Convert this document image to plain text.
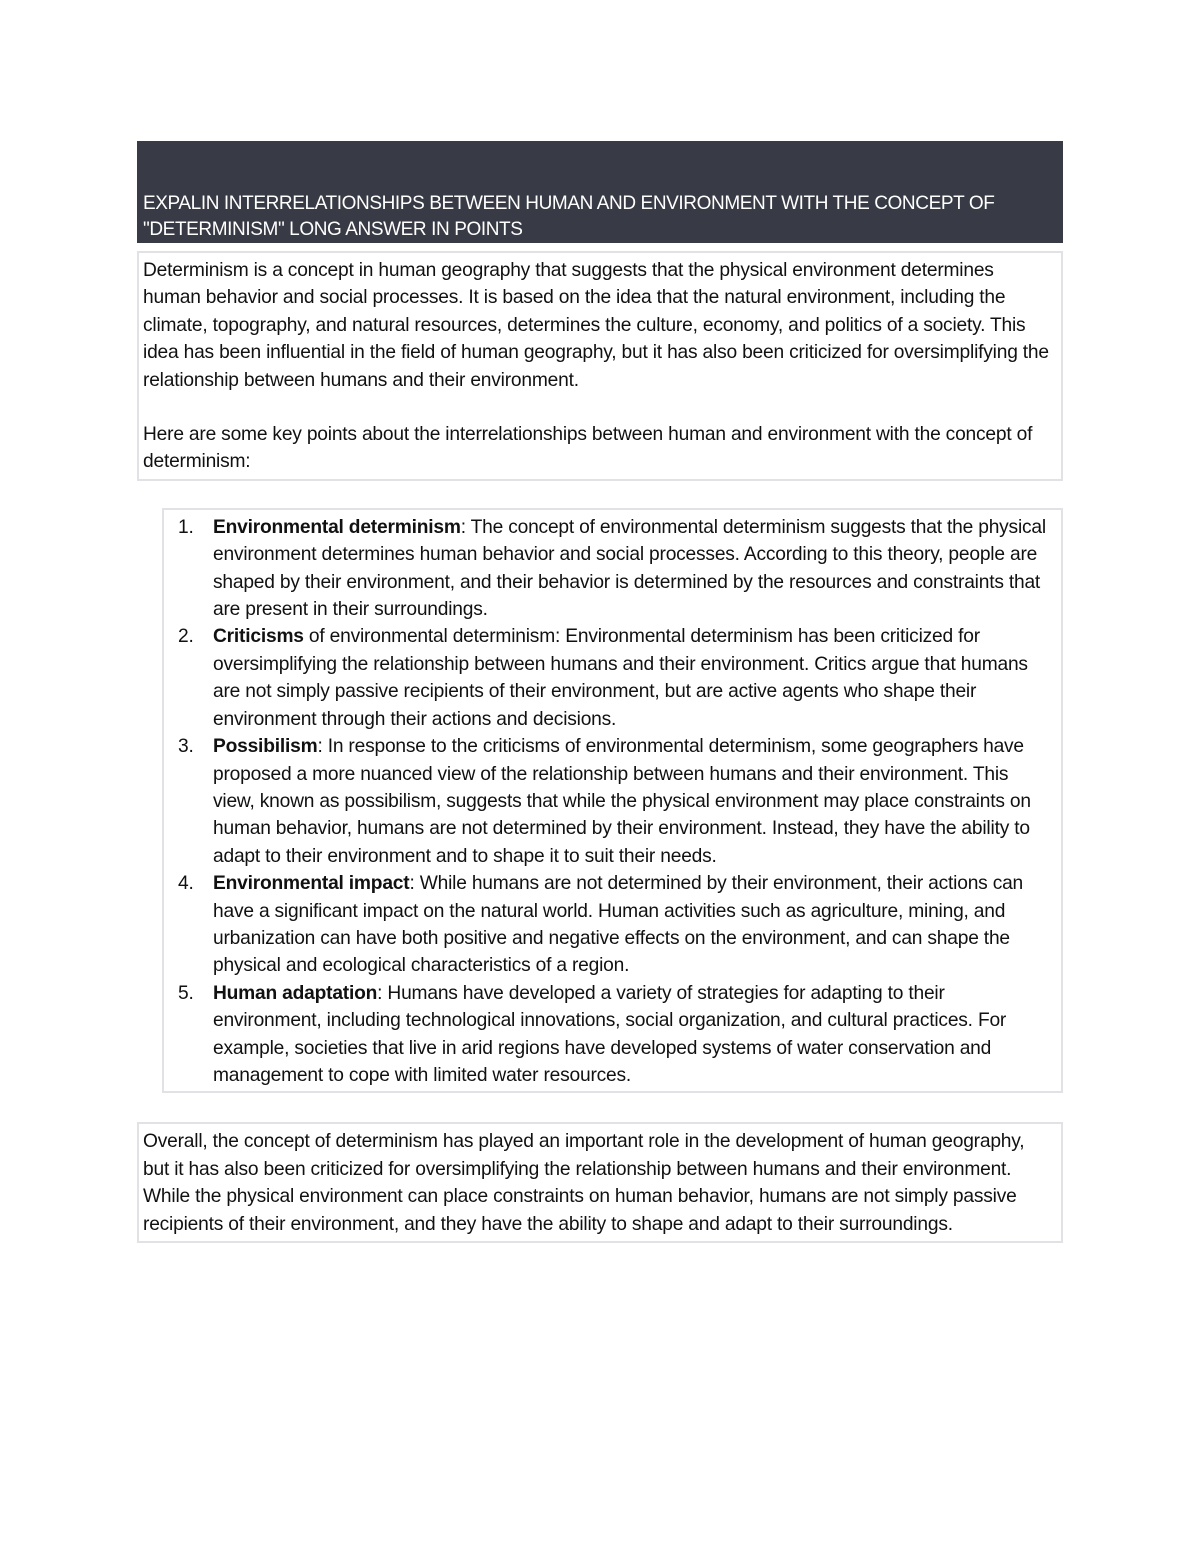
EXPALIN INTERRELATIONSHIPS BETWEEN HUMAN AND ENVIRONMENT WITH THE CONCEPT OF "DETERMINISM" LONG ANSWER IN POINTS

Determinism is a concept in human geography that suggests that the physical environment determines human behavior and social processes. It is based on the idea that the natural environment, including the climate, topography, and natural resources, determines the culture, economy, and politics of a society. This idea has been influential in the field of human geography, but it has also been criticized for oversimplifying the relationship between humans and their environment.

Here are some key points about the interrelationships between human and environment with the concept of determinism:

1. Environmental determinism: The concept of environmental determinism suggests that the physical environment determines human behavior and social processes. According to this theory, people are shaped by their environment, and their behavior is determined by the resources and constraints that are present in their surroundings.
2. Criticisms of environmental determinism: Environmental determinism has been criticized for oversimplifying the relationship between humans and their environment. Critics argue that humans are not simply passive recipients of their environment, but are active agents who shape their environment through their actions and decisions.
3. Possibilism: In response to the criticisms of environmental determinism, some geographers have proposed a more nuanced view of the relationship between humans and their environment. This view, known as possibilism, suggests that while the physical environment may place constraints on human behavior, humans are not determined by their environment. Instead, they have the ability to adapt to their environment and to shape it to suit their needs.
4. Environmental impact: While humans are not determined by their environment, their actions can have a significant impact on the natural world. Human activities such as agriculture, mining, and urbanization can have both positive and negative effects on the environment, and can shape the physical and ecological characteristics of a region.
5. Human adaptation: Humans have developed a variety of strategies for adapting to their environment, including technological innovations, social organization, and cultural practices. For example, societies that live in arid regions have developed systems of water conservation and management to cope with limited water resources.

Overall, the concept of determinism has played an important role in the development of human geography, but it has also been criticized for oversimplifying the relationship between humans and their environment. While the physical environment can place constraints on human behavior, humans are not simply passive recipients of their environment, and they have the ability to shape and adapt to their surroundings.
